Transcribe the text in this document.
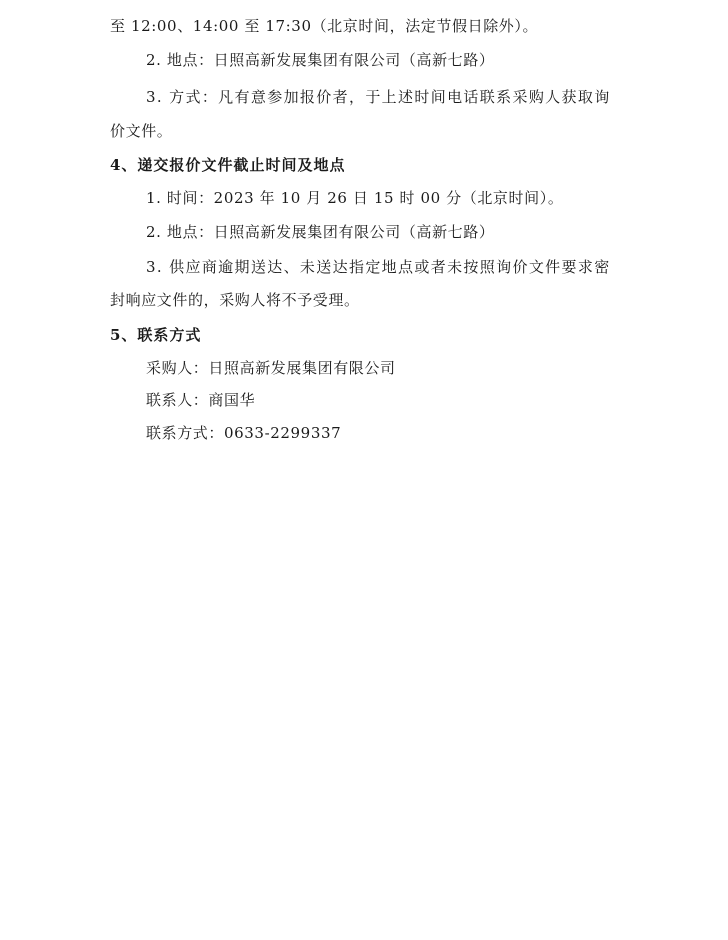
至 12:00、14:00 至 17:30（北京时间，法定节假日除外）。
2. 地点：日照高新发展集团有限公司（高新七路）
3. 方式：凡有意参加报价者，于上述时间电话联系采购人获取询
价文件。
4、递交报价文件截止时间及地点
1. 时间：2023 年 10 月 26 日 15 时 00 分（北京时间）。
2. 地点：日照高新发展集团有限公司（高新七路）
3. 供应商逾期送达、未送达指定地点或者未按照询价文件要求密
封响应文件的，采购人将不予受理。
5、联系方式
采购人：日照高新发展集团有限公司
联系人：商国华
联系方式：0633-2299337
